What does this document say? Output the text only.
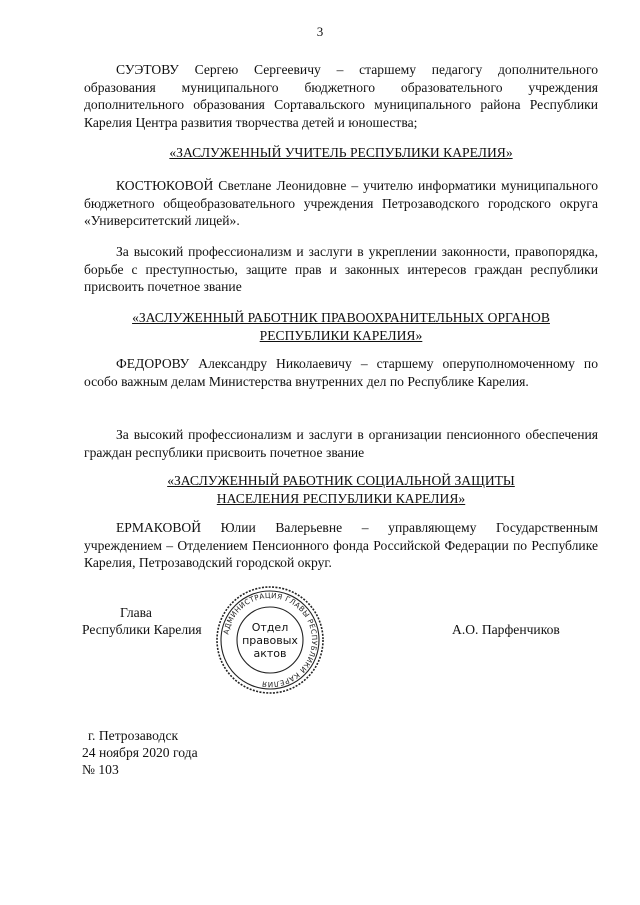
3

СУЭТОВУ Сергею Сергеевичу – старшему педагогу дополнительного образования муниципального бюджетного образовательного учреждения дополнительного образования Сортавальского муниципального района Республики Карелия Центра развития творчества детей и юношества;

«ЗАСЛУЖЕННЫЙ УЧИТЕЛЬ РЕСПУБЛИКИ КАРЕЛИЯ»

КОСТЮКОВОЙ Светлане Леонидовне – учителю информатики муниципального бюджетного общеобразовательного учреждения Петрозаводского городского округа «Университетский лицей».

За высокий профессионализм и заслуги в укреплении законности, правопорядка, борьбе с преступностью, защите прав и законных интересов граждан республики присвоить почетное звание

«ЗАСЛУЖЕННЫЙ РАБОТНИК ПРАВООХРАНИТЕЛЬНЫХ ОРГАНОВ
РЕСПУБЛИКИ КАРЕЛИЯ»

ФЕДОРОВУ Александру Николаевичу – старшему оперуполномоченному по особо важным делам Министерства внутренних дел по Республике Карелия.

За высокий профессионализм и заслуги в организации пенсионного обеспечения граждан республики присвоить почетное звание

«ЗАСЛУЖЕННЫЙ РАБОТНИК СОЦИАЛЬНОЙ ЗАЩИТЫ
НАСЕЛЕНИЯ РЕСПУБЛИКИ КАРЕЛИЯ»

ЕРМАКОВОЙ Юлии Валерьевне – управляющему Государственным учреждением – Отделением Пенсионного фонда Российской Федерации по Республике Карелия, Петрозаводский городской округ.

Глава
Республики Карелия	А.О. Парфенчиков
АДМИНИСТРАЦИЯ ГЛАВЫ РЕСПУБЛИКИ КАРЕЛИЯ
Отдел
правовых
актов
г. Петрозаводск
24 ноября 2020 года
№ 103
